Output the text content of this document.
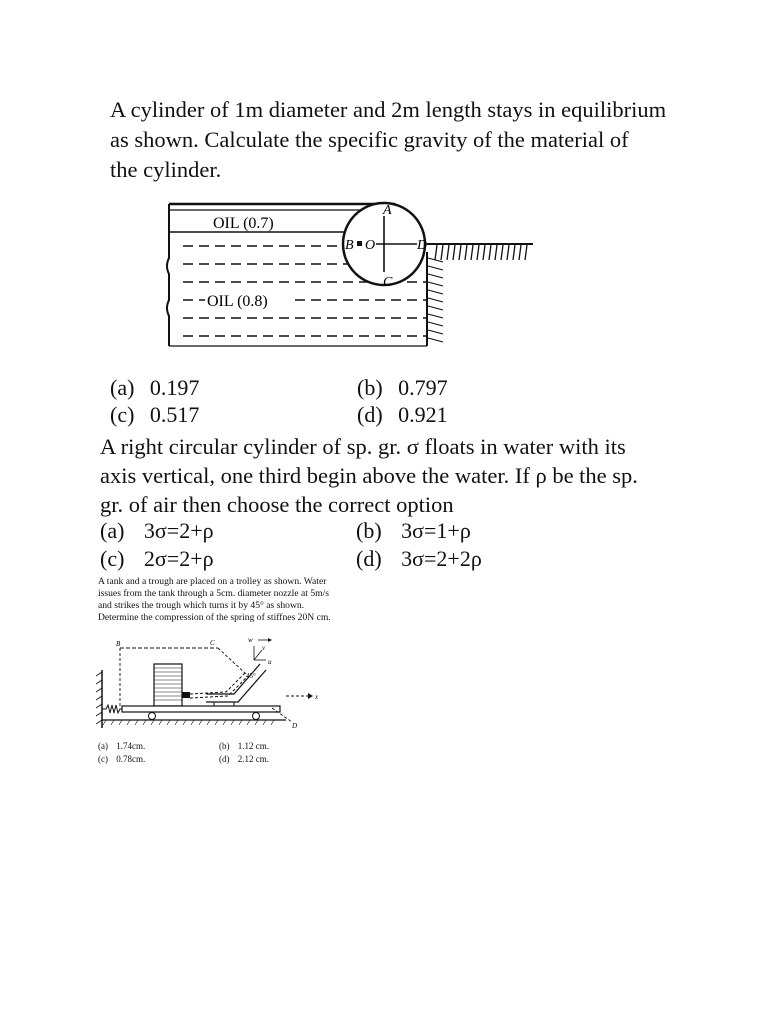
A cylinder of 1m diameter and 2m length stays in equilibrium
as shown. Calculate the specific gravity of the material of
the cylinder.
OIL (0.7)
OIL (0.8)
A
B O
C
D
(a) 0.197	(b) 0.797
(c) 0.517	(d) 0.921
A right circular cylinder of sp. gr. σ floats in water with its
axis vertical, one third begin above the water. If ρ be the sp.
gr. of air then choose the correct option
(a) 3σ=2+ρ	(b) 3σ=1+ρ
(c) 2σ=2+ρ	(d) 3σ=2+2ρ
A tank and a trough are placed on a trolley as shown. Water
issues from the tank through a 5cm. diameter nozzle at 5m/s
and strikes the trough which turns it by 45° as shown.
Determine the compression of the spring of stiffnes 20N cm.
B	C	w
v
u
45°
x
D
(a) 1.74cm.	(b) 1.12 cm.
(c) 0.78cm.	(d) 2.12 cm.
